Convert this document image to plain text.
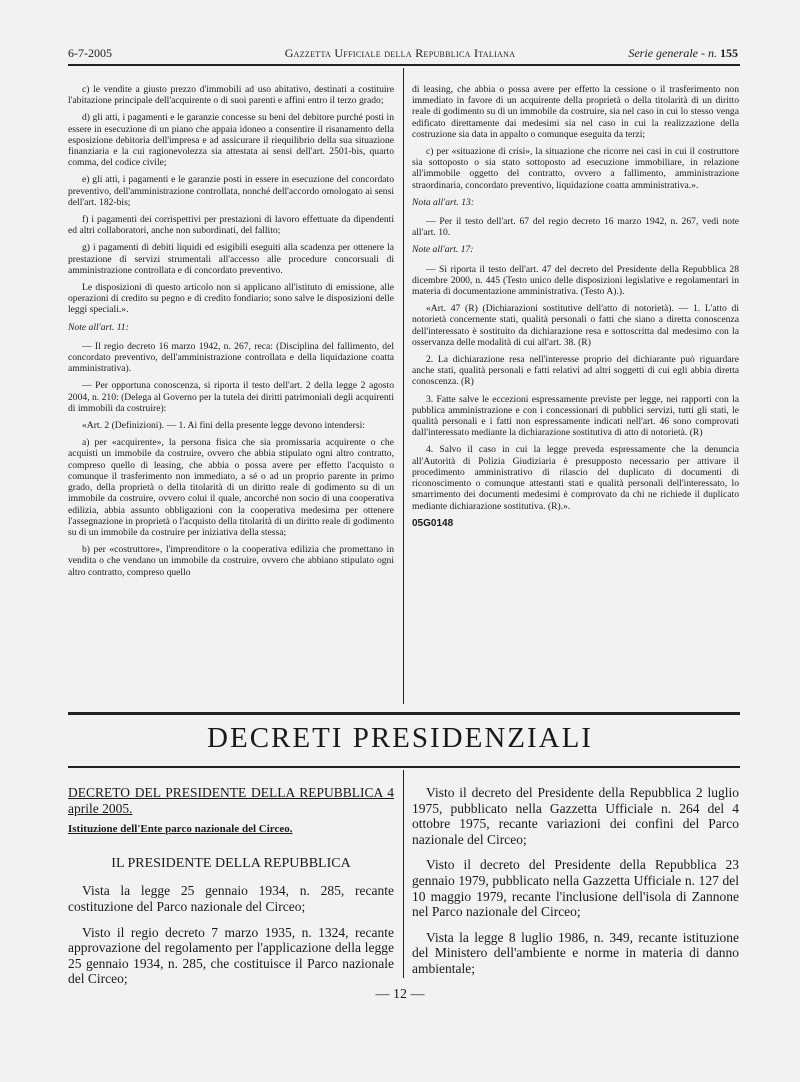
6-7-2005	Gazzetta Ufficiale della Repubblica Italiana	Serie generale - n. 155

c) le vendite a giusto prezzo d'immobili ad uso abitativo, destinati a costituire l'abitazione principale dell'acquirente o di suoi parenti e affini entro il terzo grado;

d) gli atti, i pagamenti e le garanzie concesse su beni del debitore purché posti in essere in esecuzione di un piano che appaia idoneo a consentire il risanamento della esposizione debitoria dell'impresa e ad assicurare il riequilibrio della sua situazione finanziaria e la cui ragionevolezza sia attestata ai sensi dell'art. 2501-bis, quarto comma, del codice civile;

e) gli atti, i pagamenti e le garanzie posti in essere in esecuzione del concordato preventivo, dell'amministrazione controllata, nonché dell'accordo omologato ai sensi dell'art. 182-bis;

f) i pagamenti dei corrispettivi per prestazioni di lavoro effettuate da dipendenti ed altri collaboratori, anche non subordinati, del fallito;

g) i pagamenti di debiti liquidi ed esigibili eseguiti alla scadenza per ottenere la prestazione di servizi strumentali all'accesso alle procedure concorsuali di amministrazione controllata e di concordato preventivo.

Le disposizioni di questo articolo non si applicano all'istituto di emissione, alle operazioni di credito su pegno e di credito fondiario; sono salve le disposizioni delle leggi speciali.».

Note all'art. 11:

— Il regio decreto 16 marzo 1942, n. 267, reca: (Disciplina del fallimento, del concordato preventivo, dell'amministrazione controllata e della liquidazione coatta amministrativa).

— Per opportuna conoscenza, si riporta il testo dell'art. 2 della legge 2 agosto 2004, n. 210: (Delega al Governo per la tutela dei diritti patrimoniali degli acquirenti di immobili da costruire):

«Art. 2 (Definizioni). — 1. Ai fini della presente legge devono intendersi:

a) per «acquirente», la persona fisica che sia promissaria acquirente o che acquisti un immobile da costruire, ovvero che abbia stipulato ogni altro contratto, compreso quello di leasing, che abbia o possa avere per effetto l'acquisto o comunque il trasferimento non immediato, a sé o ad un proprio parente in primo grado, della proprietà o della titolarità di un diritto reale di godimento su di un immobile da costruire, ovvero colui il quale, ancorché non socio di una cooperativa edilizia, abbia assunto obbligazioni con la cooperativa medesima per ottenere l'assegnazione in proprietà o l'acquisto della titolarità di un diritto reale di godimento su di un immobile da costruire per iniziativa della stessa;

b) per «costruttore», l'imprenditore o la cooperativa edilizia che promettano in vendita o che vendano un immobile da costruire, ovvero che abbiano stipulato ogni altro contratto, compreso quello

di leasing, che abbia o possa avere per effetto la cessione o il trasferimento non immediato in favore di un acquirente della proprietà o della titolarità di un diritto reale di godimento su di un immobile da costruire, sia nel caso in cui lo stesso venga edificato direttamente dai medesimi sia nel caso in cui la realizzazione della costruzione sia data in appalto o comunque eseguita da terzi;

c) per «situazione di crisi», la situazione che ricorre nei casi in cui il costruttore sia sottoposto o sia stato sottoposto ad esecuzione immobiliare, in relazione all'immobile oggetto del contratto, ovvero a fallimento, amministrazione straordinaria, concordato preventivo, liquidazione coatta amministrativa.».

Nota all'art. 13:

— Per il testo dell'art. 67 del regio decreto 16 marzo 1942, n. 267, vedi note all'art. 10.

Note all'art. 17:

— Si riporta il testo dell'art. 47 del decreto del Presidente della Repubblica 28 dicembre 2000, n. 445 (Testo unico delle disposizioni legislative e regolamentari in materia di documentazione amministrativa. (Testo A).).

«Art. 47 (R) (Dichiarazioni sostitutive dell'atto di notorietà). — 1. L'atto di notorietà concernente stati, qualità personali o fatti che siano a diretta conoscenza dell'interessato è sostituito da dichiarazione resa e sottoscritta dal medesimo con la osservanza delle modalità di cui all'art. 38. (R)

2. La dichiarazione resa nell'interesse proprio del dichiarante può riguardare anche stati, qualità personali e fatti relativi ad altri soggetti di cui egli abbia diretta conoscenza. (R)

3. Fatte salve le eccezioni espressamente previste per legge, nei rapporti con la pubblica amministrazione e con i concessionari di pubblici servizi, tutti gli stati, le qualità personali e i fatti non espressamente indicati nell'art. 46 sono comprovati dall'interessato mediante la dichiarazione sostitutiva di atto di notorietà. (R)

4. Salvo il caso in cui la legge preveda espressamente che la denuncia all'Autorità di Polizia Giudiziaria è presupposto necessario per attivare il procedimento amministrativo di rilascio del duplicato di documenti di riconoscimento o comunque attestanti stati e qualità personali dell'interessato, lo smarrimento dei documenti medesimi è comprovato da chi ne richiede il duplicato mediante dichiarazione sostitutiva. (R).».

05G0148

DECRETI PRESIDENZIALI

DECRETO DEL PRESIDENTE DELLA REPUBBLICA 4 aprile 2005.

Istituzione dell'Ente parco nazionale del Circeo.

IL PRESIDENTE DELLA REPUBBLICA

Vista la legge 25 gennaio 1934, n. 285, recante costituzione del Parco nazionale del Circeo;

Visto il regio decreto 7 marzo 1935, n. 1324, recante approvazione del regolamento per l'applicazione della legge 25 gennaio 1934, n. 285, che costituisce il Parco nazionale del Circeo;

Visto il decreto del Presidente della Repubblica 2 luglio 1975, pubblicato nella Gazzetta Ufficiale n. 264 del 4 ottobre 1975, recante variazioni dei confini del Parco nazionale del Circeo;

Visto il decreto del Presidente della Repubblica 23 gennaio 1979, pubblicato nella Gazzetta Ufficiale n. 127 del 10 maggio 1979, recante l'inclusione dell'isola di Zannone nel Parco nazionale del Circeo;

Vista la legge 8 luglio 1986, n. 349, recante istituzione del Ministero dell'ambiente e norme in materia di danno ambientale;

— 12 —
